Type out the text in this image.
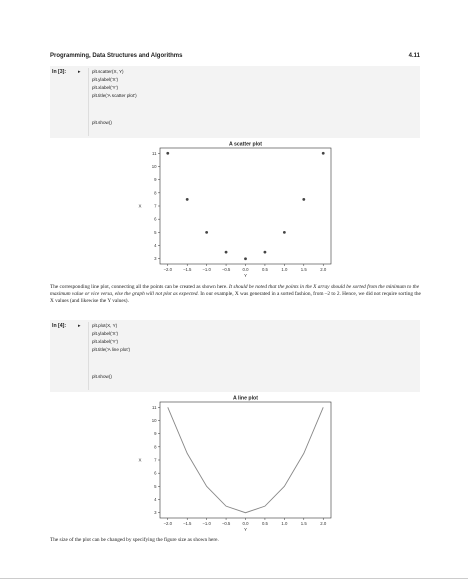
Programming, Data Structures and Algorithms	4.11
In [3]: ▸ plt.scatter(X, Y)
plt.ylabel('X')
plt.xlabel('Y')
plt.title('A scatter plot')
plt.show()
A scatter plot
−2.0	−1.5	−1.0	−0.5	0.0	0.5	1.0	1.5	2.0
3
4
5
6
7
8
9
10
11
Y
X
The corresponding line plot, connecting all the points can be created as shown here. It should be noted that the points in the X array should be sorted from the minimum to the maximum value or vice versa, else the graph will not plot as expected. In our example, X was generated in a sorted fashion, from –2 to 2. Hence, we did not require sorting the X values (and likewise the Y values).
In [4]: ▸ plt.plot(X, Y)
plt.ylabel('X')
plt.xlabel('Y')
plt.title('A line plot')
plt.show()
A line plot
−2.0	−1.5	−1.0	−0.5	0.0	0.5	1.0	1.5	2.0
3
4
5
6
7
8
9
10
11
Y
X
The size of the plot can be changed by specifying the figure size as shown here.
